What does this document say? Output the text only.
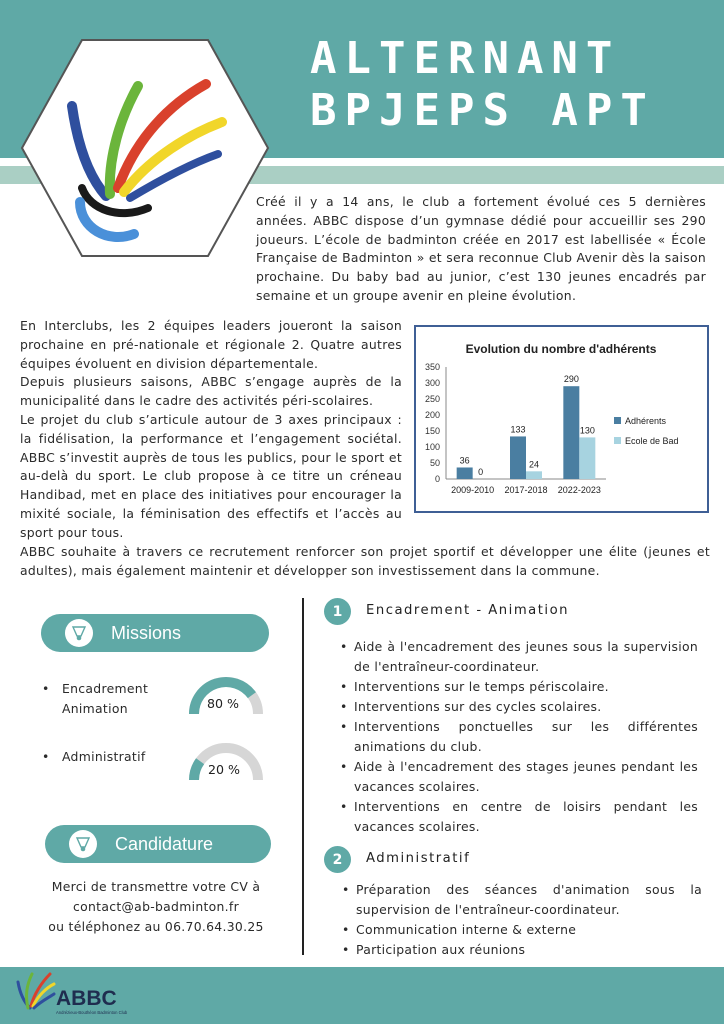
ALTERNANT
BPJEPS APT
Créé il y a 14 ans, le club a fortement évolué ces 5 dernières années. ABBC dispose d’un gymnase dédié pour accueillir ses 290 joueurs. L’école de badminton créée en 2017 est labellisée « École Française de Badminton » et sera reconnue Club Avenir dès la saison prochaine. Du baby bad au junior, c’est 130 jeunes encadrés par semaine et un groupe avenir en pleine évolution.

En Interclubs, les 2 équipes leaders joueront la saison prochaine en pré-nationale et régionale 2. Quatre autres équipes évoluent en division départementale.

Depuis plusieurs saisons, ABBC s’engage auprès de la municipalité dans le cadre des activités péri-scolaires.

Le projet du club s’articule autour de 3 axes principaux : la fidélisation, la performance et l’engagement sociétal. ABBC s’investit auprès de tous les publics, pour le sport et au-delà du sport. Le club propose à ce titre un créneau Handibad, met en place des initiatives pour encourager la mixité sociale, la féminisation des effectifs et l’accès au sport pour tous.

ABBC souhaite à travers ce recrutement renforcer son projet sportif et développer une élite (jeunes et adultes), mais également maintenir et développer son investissement dans la commune.
Evolution du nombre d'adhérents
0
50
100
150
200
250
300
350
36
0
2009-2010
133
24
2017-2018
290
130
2022-2023
Adhérents
Ecole de Bad
Missions
• Encadrement
Animation
• Administratif
80 %
20 %
Candidature
Merci de transmettre votre CV à
contact@ab-badminton.fr
ou téléphonez au 06.70.64.30.25
1	Encadrement - Animation
• Aide à l'encadrement des jeunes sous la supervision de l'entraîneur-coordinateur.
• Interventions sur le temps périscolaire.
• Interventions sur des cycles scolaires.
• Interventions ponctuelles sur les différentes animations du club.
• Aide à l'encadrement des stages jeunes pendant les vacances scolaires.
• Interventions en centre de loisirs pendant les vacances scolaires.
2	Administratif
• Préparation des séances d'animation sous la supervision de l'entraîneur-coordinateur.
• Communication interne & externe
• Participation aux réunions
ABBC
Andrézieux-Bouthéon Badminton Club
